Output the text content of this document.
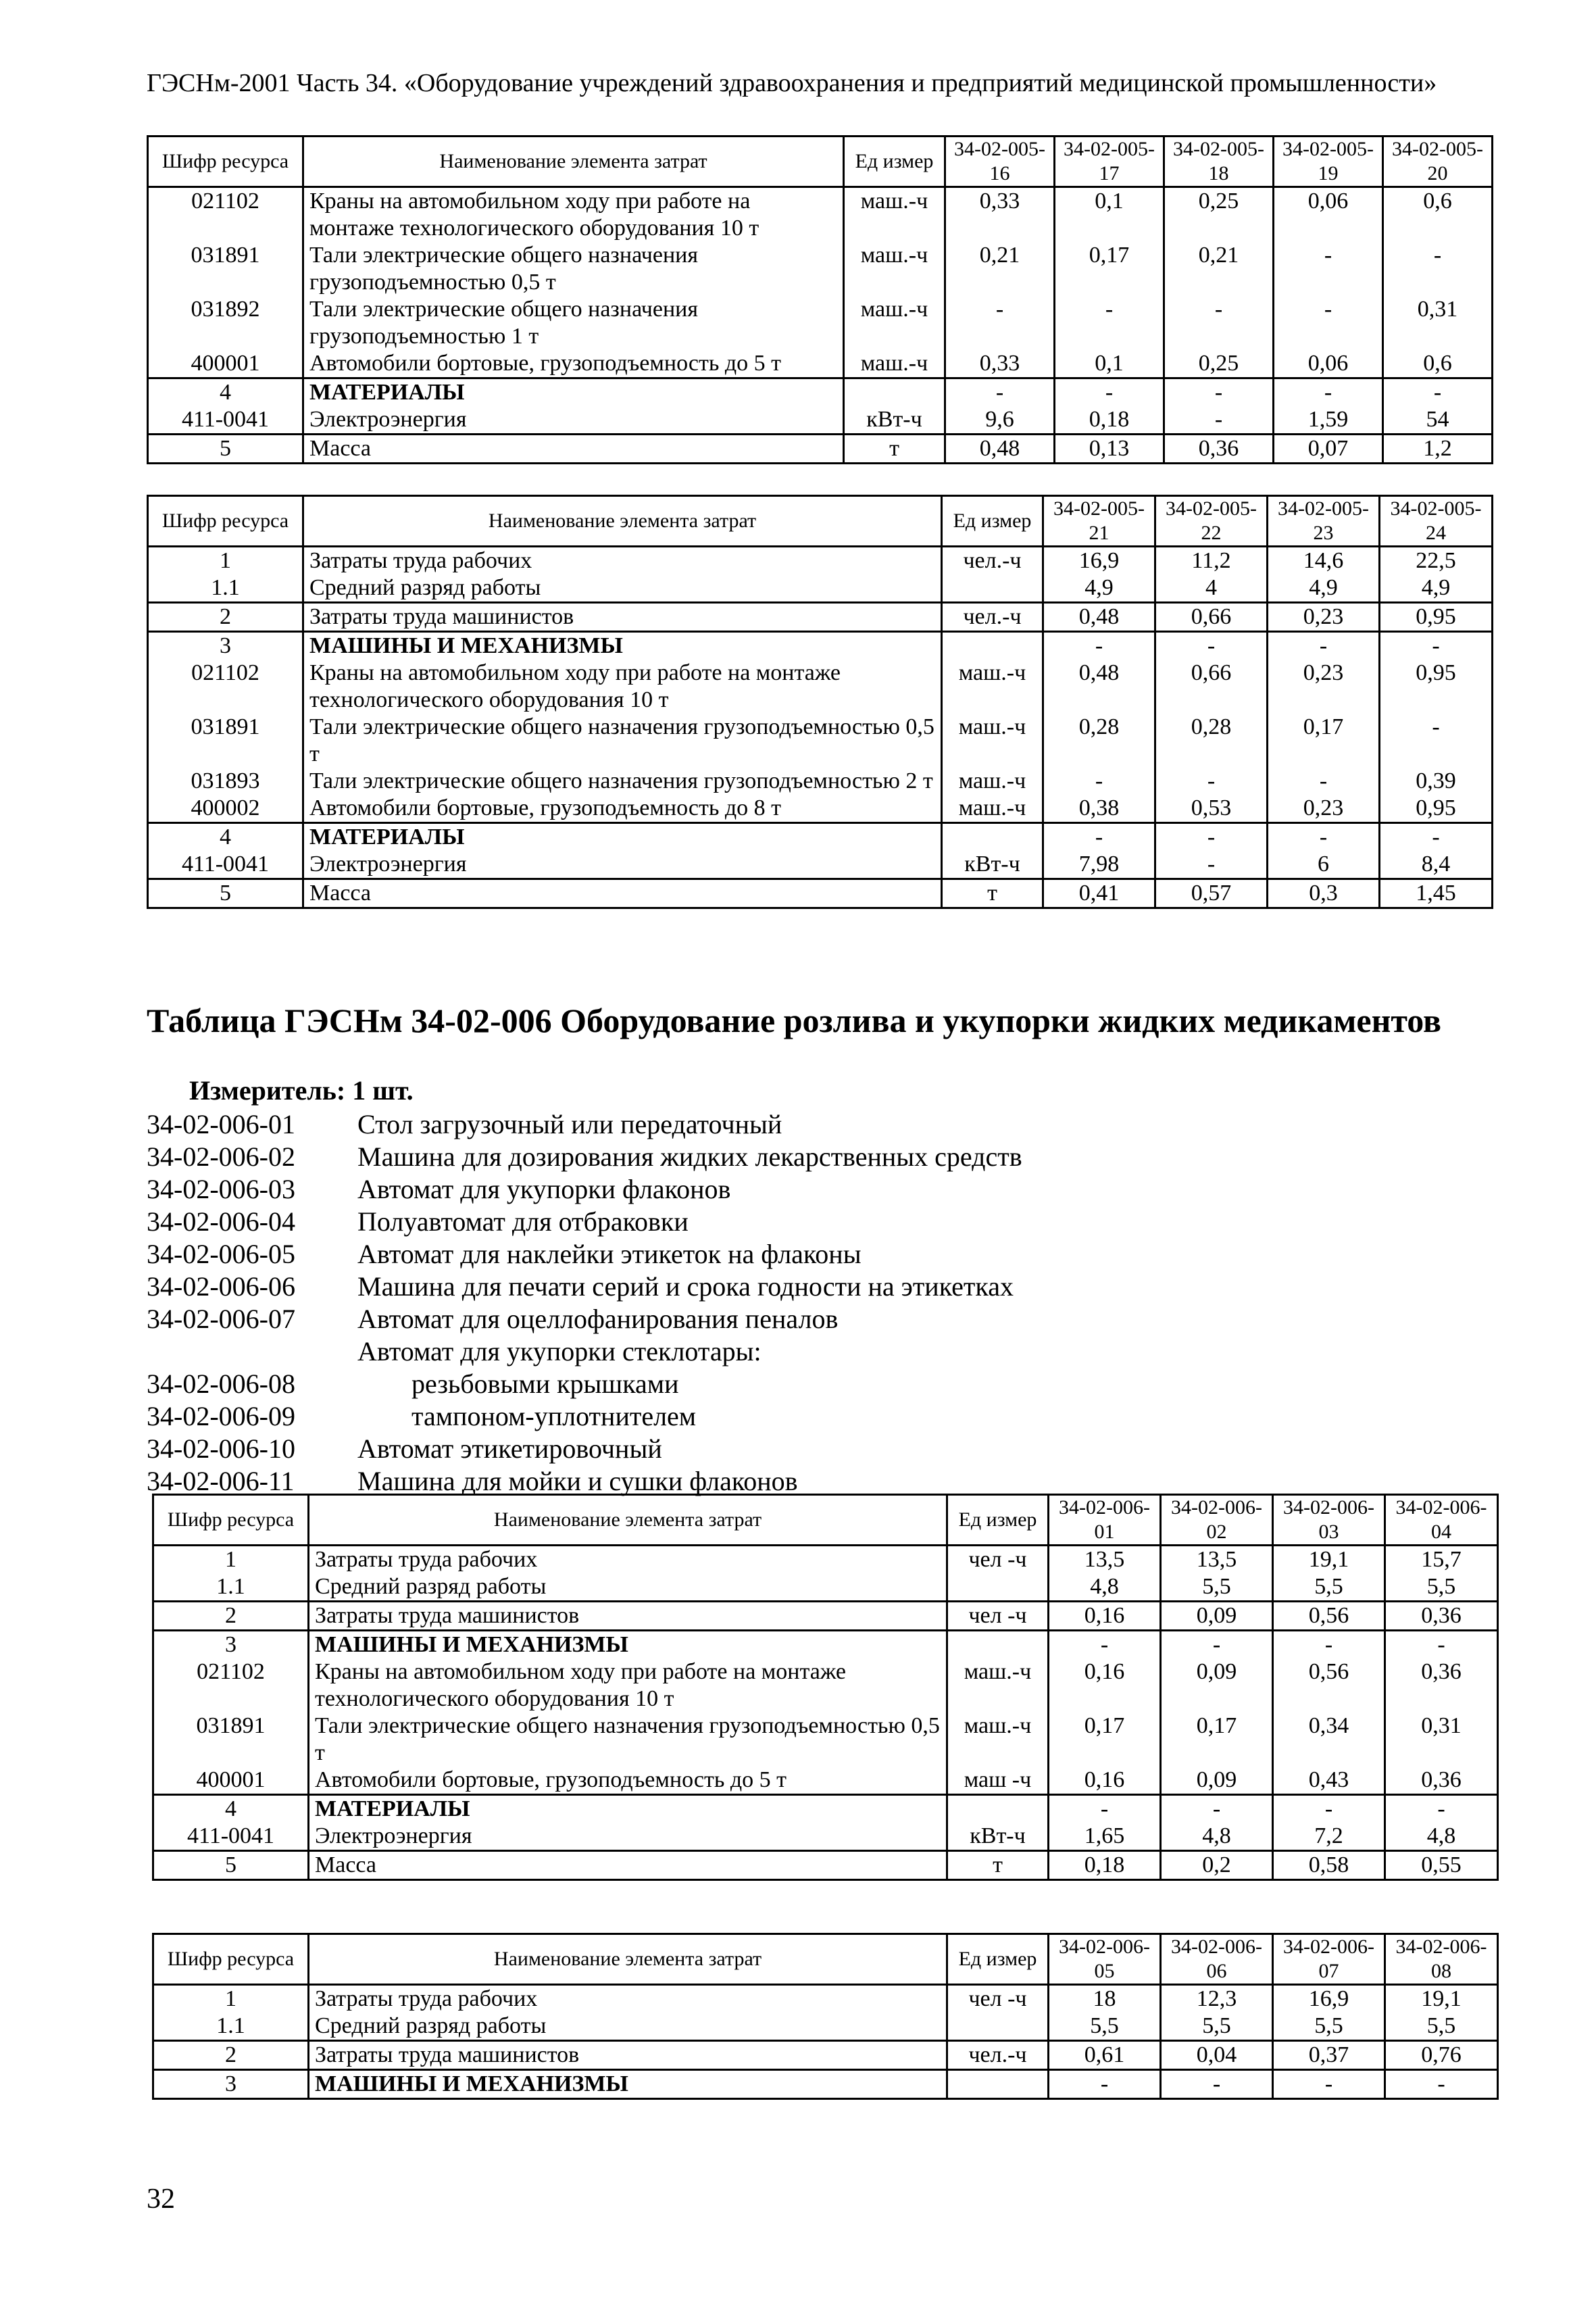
ГЭСНм-2001 Часть 34. «Оборудование учреждений здравоохранения и предприятий медицинской промышленности»
Шифр ресурса	Наименование элемента затрат	Ед измер	34-02-005-16	34-02-005-17	34-02-005-18	34-02-005-19	34-02-005-20
021102	Краны на автомобильном ходу при работе на монтаже технологического оборудования 10 т	маш.-ч	0,33	0,1	0,25	0,06	0,6
031891	Тали электрические общего назначения грузоподъемностью 0,5 т	маш.-ч	0,21	0,17	0,21	-	-
031892	Тали электрические общего назначения грузоподъемностью 1 т	маш.-ч	-	-	-	-	0,31
400001	Автомобили бортовые, грузоподъемность до 5 т	маш.-ч	0,33	0,1	0,25	0,06	0,6
4	МАТЕРИАЛЫ		-	-	-	-	-
411-0041	Электроэнергия	кВт-ч	9,6	0,18	-	1,59	54
5	Масса	т	0,48	0,13	0,36	0,07	1,2
Шифр ресурса	Наименование элемента затрат	Ед измер	34-02-005-21	34-02-005-22	34-02-005-23	34-02-005-24
1	Затраты труда рабочих	чел.-ч	16,9	11,2	14,6	22,5
1.1	Средний разряд работы		4,9	4	4,9	4,9
2	Затраты труда машинистов	чел.-ч	0,48	0,66	0,23	0,95
3	МАШИНЫ И МЕХАНИЗМЫ		-	-	-	-
021102	Краны на автомобильном ходу при работе на монтаже технологического оборудования 10 т	маш.-ч	0,48	0,66	0,23	0,95
031891	Тали электрические общего назначения грузоподъемностью 0,5 т	маш.-ч	0,28	0,28	0,17	-
031893	Тали электрические общего назначения грузоподъемностью 2 т	маш.-ч	-	-	-	0,39
400002	Автомобили бортовые, грузоподъемность до 8 т	маш.-ч	0,38	0,53	0,23	0,95
4	МАТЕРИАЛЫ		-	-	-	-
411-0041	Электроэнергия	кВт-ч	7,98	-	6	8,4
5	Масса	т	0,41	0,57	0,3	1,45
Таблица ГЭСНм 34-02-006 Оборудование розлива и укупорки жидких медикаментов
Измеритель: 1 шт.
34-02-006-01	Стол загрузочный или передаточный
34-02-006-02	Машина для дозирования жидких лекарственных средств
34-02-006-03	Автомат для укупорки флаконов
34-02-006-04	Полуавтомат для отбраковки
34-02-006-05	Автомат для наклейки этикеток на флаконы
34-02-006-06	Машина для печати серий и срока годности на этикетках
34-02-006-07	Автомат для оцеллофанирования пеналов
Автомат для укупорки стеклотары:
34-02-006-08	резьбовыми крышками
34-02-006-09	тампоном-уплотнителем
34-02-006-10	Автомат этикетировочный
34-02-006-11	Машина для мойки и сушки флаконов
Шифр ресурса	Наименование элемента затрат	Ед измер	34-02-006-01	34-02-006-02	34-02-006-03	34-02-006-04
1	Затраты труда рабочих	чел -ч	13,5	13,5	19,1	15,7
1.1	Средний разряд работы		4,8	5,5	5,5	5,5
2	Затраты труда машинистов	чел -ч	0,16	0,09	0,56	0,36
3	МАШИНЫ И МЕХАНИЗМЫ		-	-	-	-
021102	Краны на автомобильном ходу при работе на монтаже технологического оборудования 10 т	маш.-ч	0,16	0,09	0,56	0,36
031891	Тали электрические общего назначения грузоподъемностью 0,5 т	маш.-ч	0,17	0,17	0,34	0,31
400001	Автомобили бортовые, грузоподъемность до 5 т	маш -ч	0,16	0,09	0,43	0,36
4	МАТЕРИАЛЫ		-	-	-	-
411-0041	Электроэнергия	кВт-ч	1,65	4,8	7,2	4,8
5	Масса	т	0,18	0,2	0,58	0,55
Шифр ресурса	Наименование элемента затрат	Ед измер	34-02-006-05	34-02-006-06	34-02-006-07	34-02-006-08
1	Затраты труда рабочих	чел -ч	18	12,3	16,9	19,1
1.1	Средний разряд работы		5,5	5,5	5,5	5,5
2	Затраты труда машинистов	чел.-ч	0,61	0,04	0,37	0,76
3	МАШИНЫ И МЕХАНИЗМЫ		-	-	-	-
32
